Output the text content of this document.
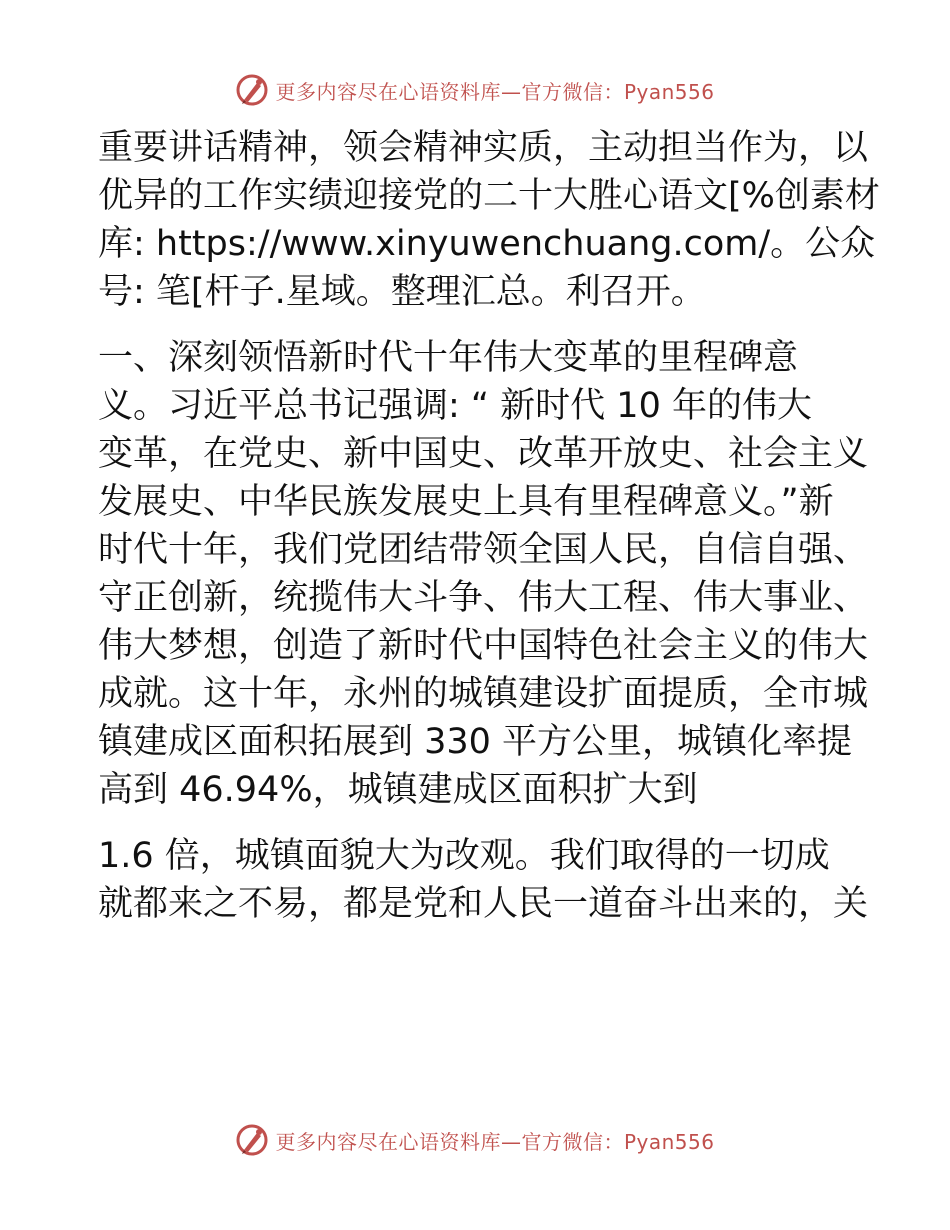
更多内容尽在心语资料库—官方微信：Pyan556
重要讲话精神，领会精神实质，主动担当作为，以
优异的工作实绩迎接党的二十大胜心语文[%创素材
库: https://www.xinyuwenchuang.com/。公众
号: 笔[杆子.星域。整理汇总。利召开。
一、深刻领悟新时代十年伟大变革的里程碑意
义。习近平总书记强调: “ 新时代 10 年的伟大
变革，在党史、新中国史、改革开放史、社会主义
发展史、中华民族发展史上具有里程碑意义。”新
时代十年，我们党团结带领全国人民，自信自强、
守正创新，统揽伟大斗争、伟大工程、伟大事业、
伟大梦想，创造了新时代中国特色社会主义的伟大
成就。这十年，永州的城镇建设扩面提质，全市城
镇建成区面积拓展到 330 平方公里，城镇化率提
高到 46.94%，城镇建成区面积扩大到
1.6 倍，城镇面貌大为改观。我们取得的一切成
就都来之不易，都是党和人民一道奋斗出来的，关
更多内容尽在心语资料库—官方微信：Pyan556
